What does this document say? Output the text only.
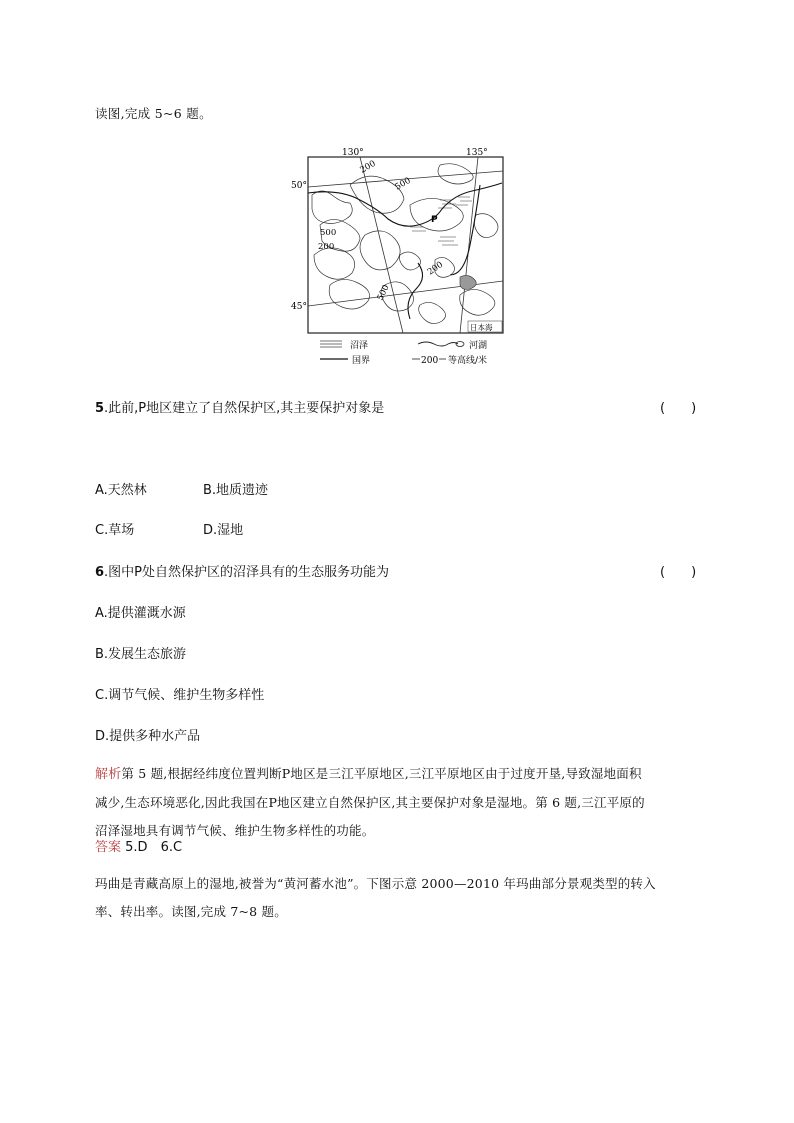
读图,完成 5~6 题。
130°	135°
50°
45°
200
500
500
200
200
500
P
日本海
沼泽	河湖
国界	200 等高线/米
5.此前,P地区建立了自然保护区,其主要保护对象是	(　　)
A.天然林	B.地质遗迹
C.草场	D.湿地
6.图中P处自然保护区的沼泽具有的生态服务功能为	(　　)
A.提供灌溉水源
B.发展生态旅游
C.调节气候、维护生物多样性
D.提供多种水产品
解析第 5 题,根据经纬度位置判断P地区是三江平原地区,三江平原地区由于过度开垦,导致湿地面积
减少,生态环境恶化,因此我国在P地区建立自然保护区,其主要保护对象是湿地。第 6 题,三江平原的
沼泽湿地具有调节气候、维护生物多样性的功能。
答案 5.D　6.C
玛曲是青藏高原上的湿地,被誉为“黄河蓄水池”。下图示意 2000—2010 年玛曲部分景观类型的转入
率、转出率。读图,完成 7~8 题。
